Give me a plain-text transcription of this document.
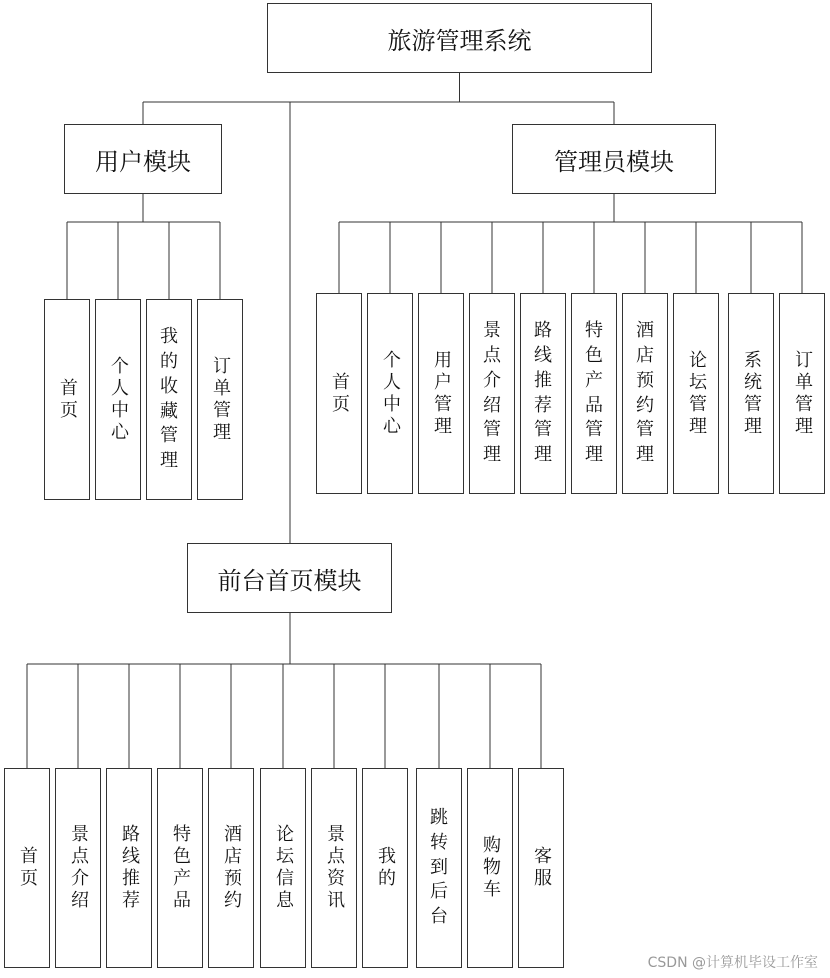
旅游管理系统
用户模块	管理员模块
前台首页模块
首页 个人中心
我的收藏管理
订单管理	首页 个人中心 用户管理
景点介绍管理
路线推荐管理
特色产品管理
酒店预约管理
论坛管理 系统管理 订单管理
首页 景点介绍 路线推荐 特色产品 酒店预约 论坛信息 景点资讯 我的
跳转到后台
购物车 客服
CSDN @计算机毕设工作室
